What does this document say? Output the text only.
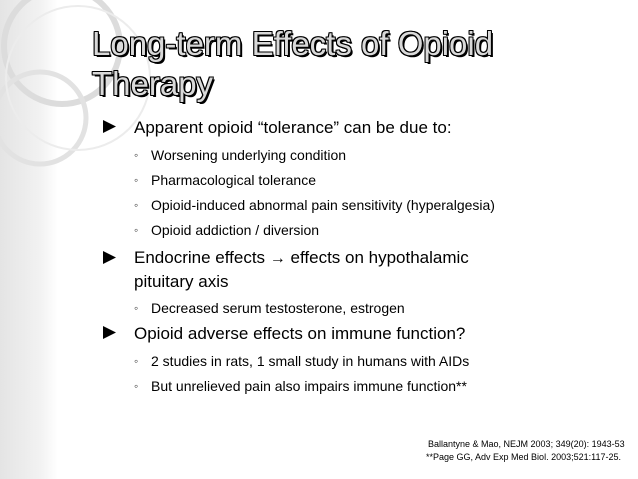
Long-term Effects of Opioid Therapy
Apparent opioid “tolerance” can be due to:
◦ Worsening underlying condition
◦ Pharmacological tolerance
◦ Opioid-induced abnormal pain sensitivity (hyperalgesia)
◦ Opioid addiction / diversion
Endocrine effects → effects on hypothalamic
pituitary axis
◦ Decreased serum testosterone, estrogen
Opioid adverse effects on immune function?
◦ 2 studies in rats, 1 small study in humans with AIDs
◦ But unrelieved pain also impairs immune function**
Ballantyne & Mao, NEJM 2003; 349(20): 1943-53
**Page GG, Adv Exp Med Biol. 2003;521:117-25.
